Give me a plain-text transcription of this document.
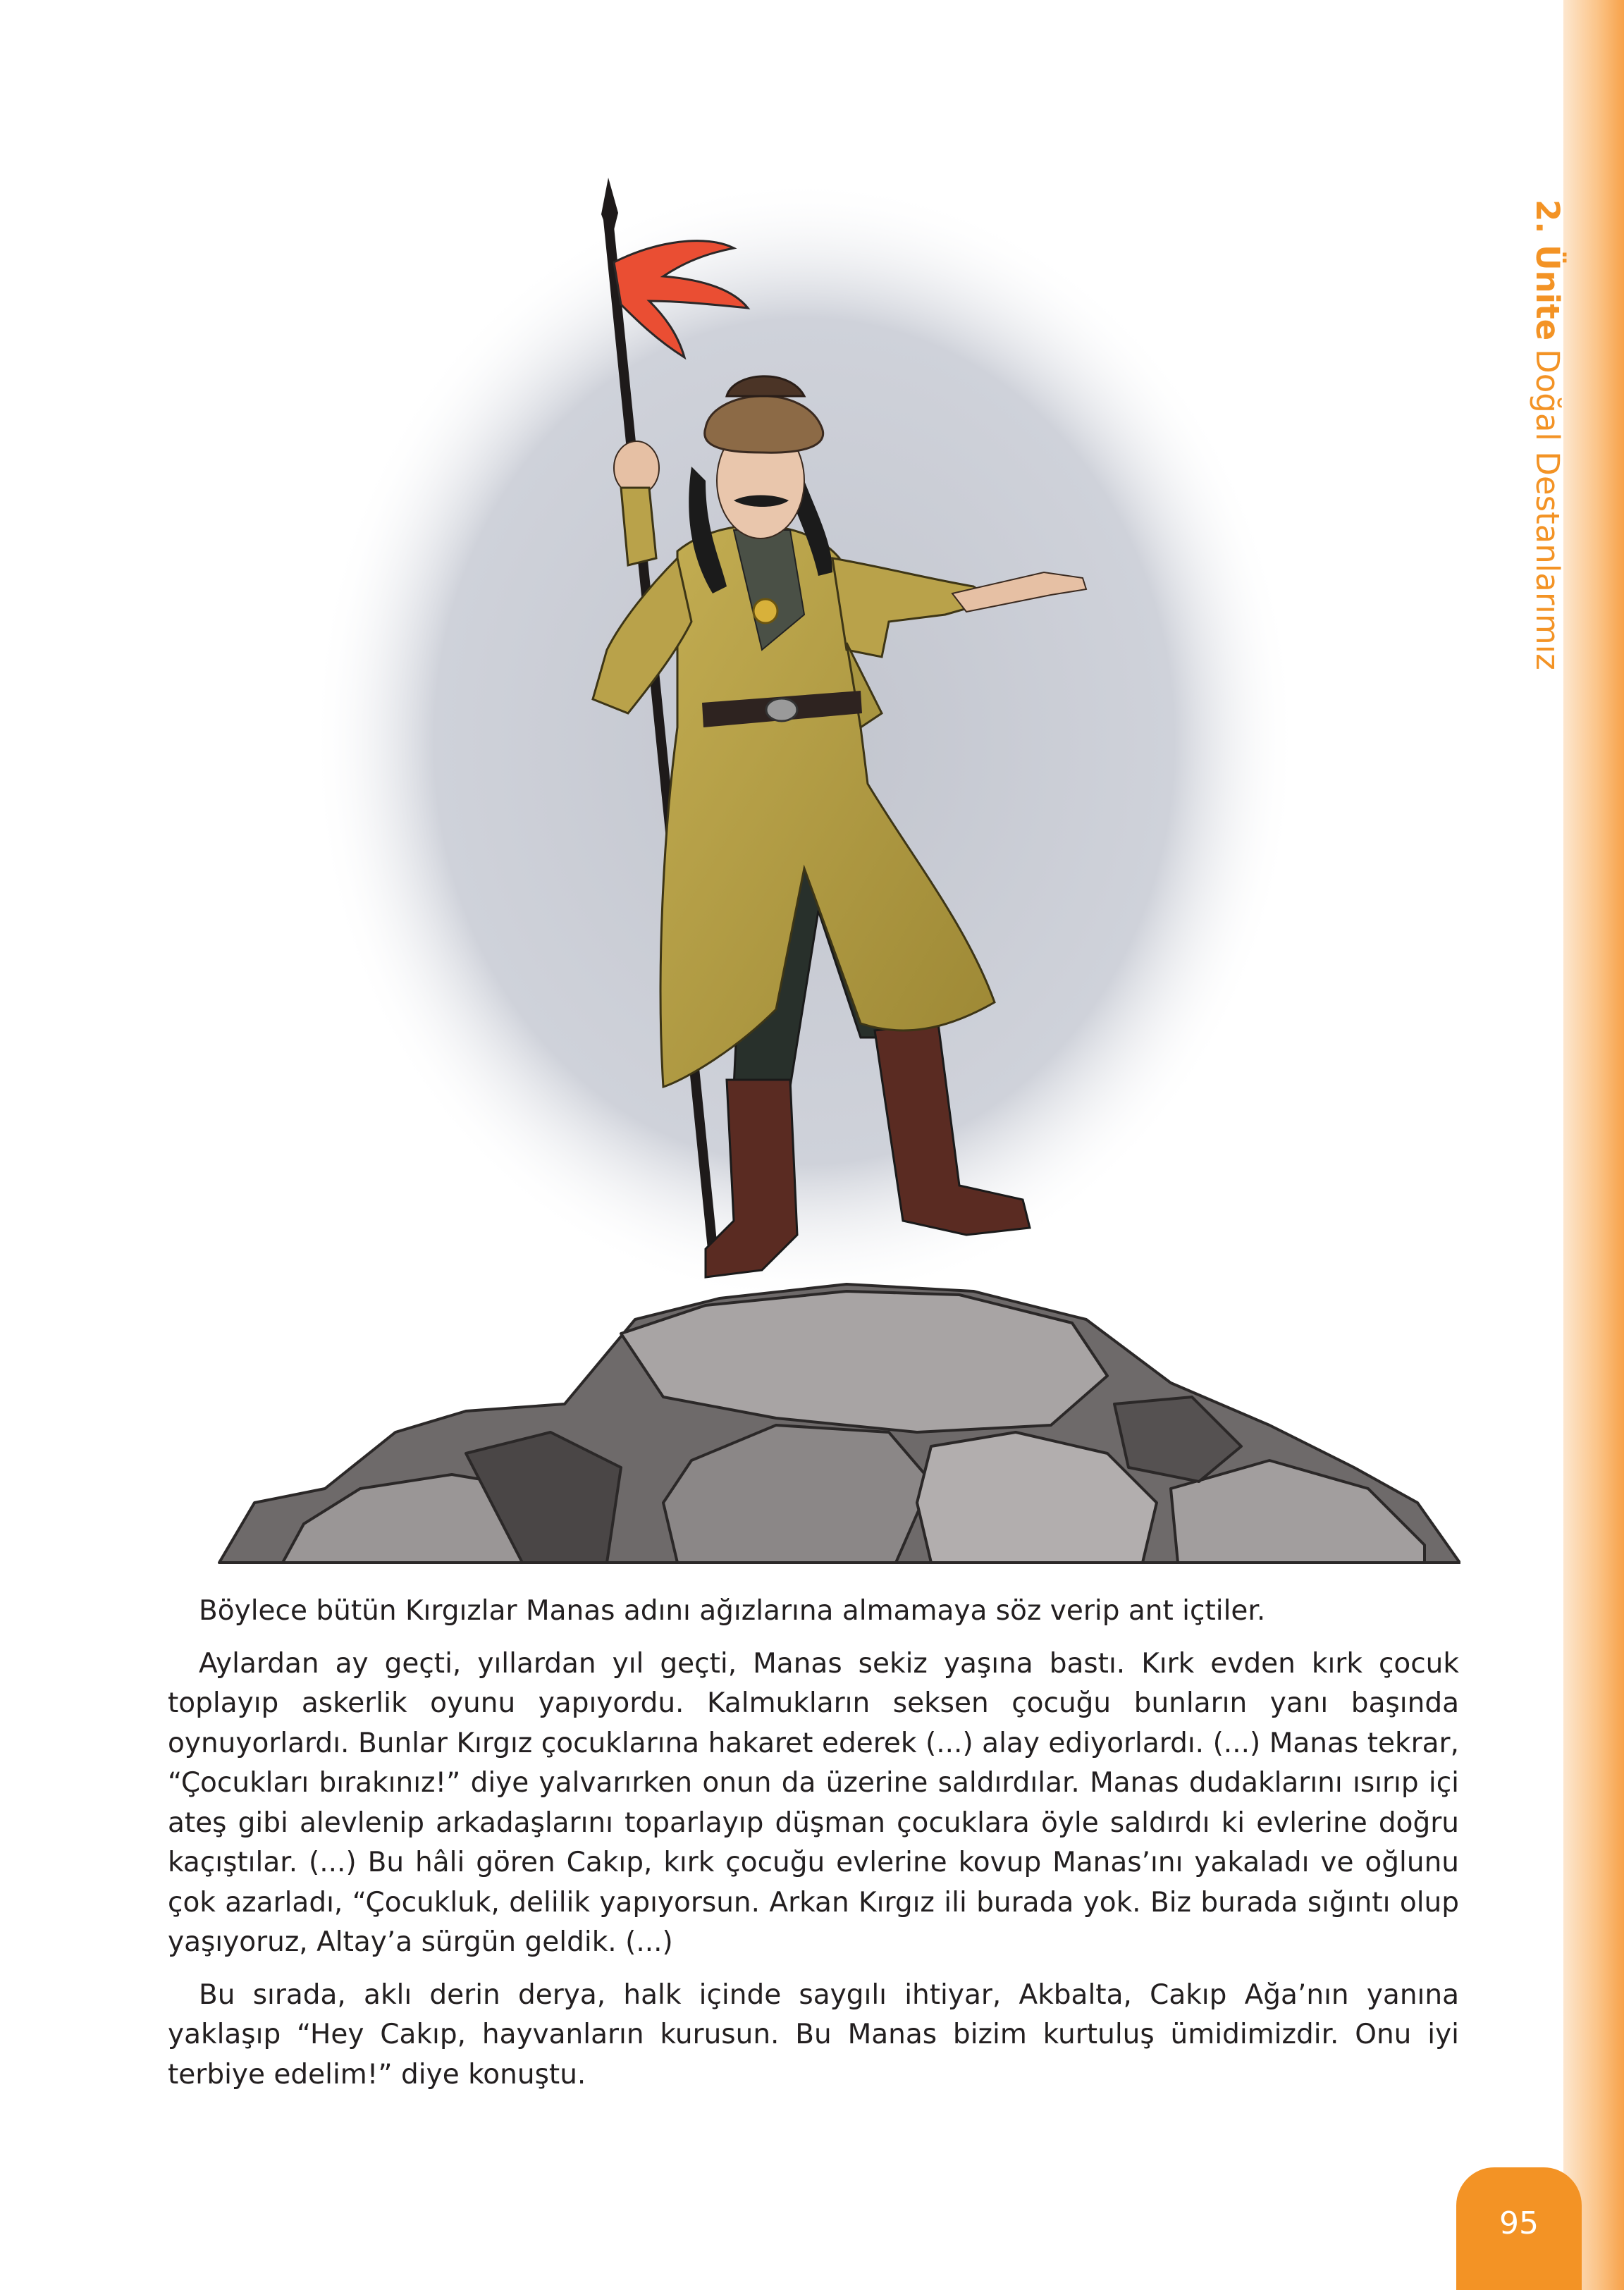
2. ÜniteDoğal Destanlarımız

Böylece bütün Kırgızlar Manas adını ağızlarına almamaya söz verip ant içtiler.

Aylardan ay geçti, yıllardan yıl geçti, Manas sekiz yaşına bastı. Kırk evden kırk çocuk toplayıp askerlik oyunu yapıyordu. Kalmukların seksen çocuğu bunların yanı başında oynuyorlardı. Bunlar Kırgız çocuklarına hakaret ederek (...) alay ediyorlardı. (...) Manas tekrar, “Çocukları bırakınız!” diye yalvarırken onun da üzerine saldırdılar. Manas dudaklarını ısırıp içi ateş gibi alevlenip arkadaşlarını toparlayıp düşman çocuklara öyle saldırdı ki evlerine doğru kaçıştılar. (...) Bu hâli gören Cakıp, kırk çocuğu evlerine kovup Manas’ını yakaladı ve oğlunu çok azarladı, “Çocukluk, delilik yapıyorsun. Arkan Kırgız ili burada yok. Biz burada sığıntı olup yaşıyoruz, Altay’a sürgün geldik. (...)

Bu sırada, aklı derin derya, halk içinde saygılı ihtiyar, Akbalta, Cakıp Ağa’nın yanına yaklaşıp “Hey Cakıp, hayvanların kurusun. Bu Manas bizim kurtuluş ümidimizdir. Onu iyi terbiye edelim!” diye konuştu.

95
